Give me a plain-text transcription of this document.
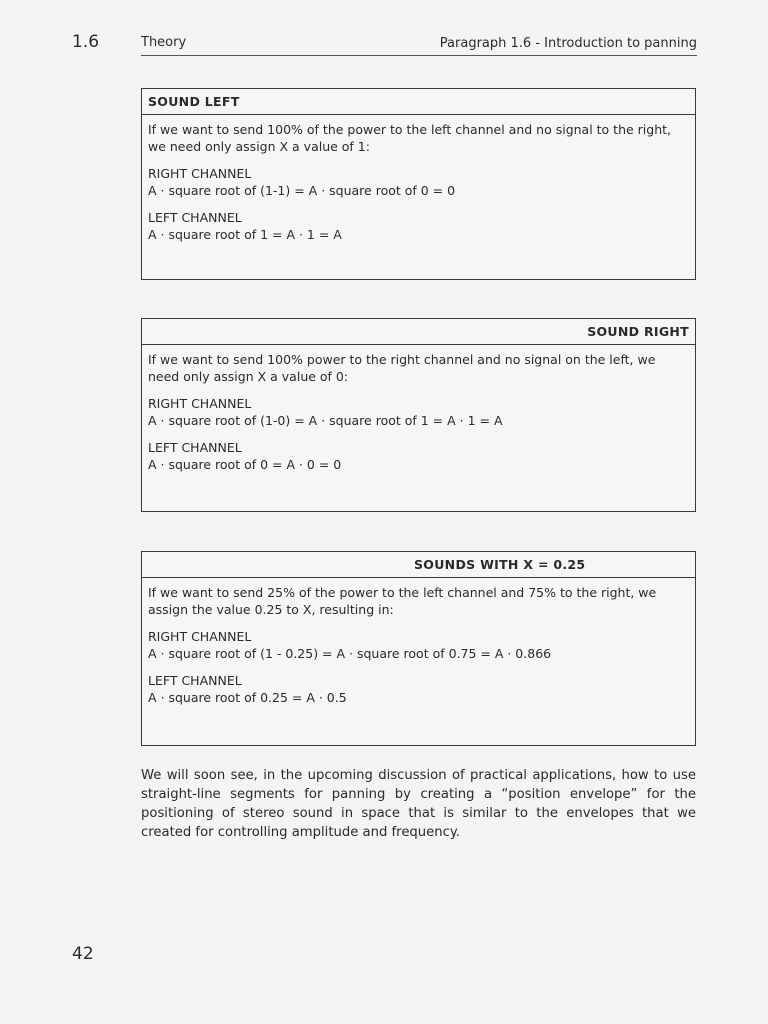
1.6	Theory	Paragraph 1.6 - Introduction to panning
SOUND LEFT

If we want to send 100% of the power to the left channel and no signal to the right, we need only assign X a value of 1:

RIGHT CHANNEL

A · square root of (1-1) = A · square root of 0 = 0

LEFT CHANNEL

A · square root of 1 = A · 1 = A

SOUND RIGHT

If we want to send 100% power to the right channel and no signal on the left, we need only assign X a value of 0:

RIGHT CHANNEL

A · square root of (1-0) = A · square root of 1 = A · 1 = A

LEFT CHANNEL

A · square root of 0 = A · 0 = 0

SOUNDS WITH X = 0.25

If we want to send 25% of the power to the left channel and 75% to the right, we assign the value 0.25 to X, resulting in:

RIGHT CHANNEL

A · square root of (1 - 0.25) = A · square root of 0.75 = A · 0.866

LEFT CHANNEL

A · square root of 0.25 = A · 0.5

We will soon see, in the upcoming discussion of practical applications, how to use straight-line segments for panning by creating a “position envelope” for the positioning of stereo sound in space that is similar to the envelopes that we created for controlling amplitude and frequency.

42
